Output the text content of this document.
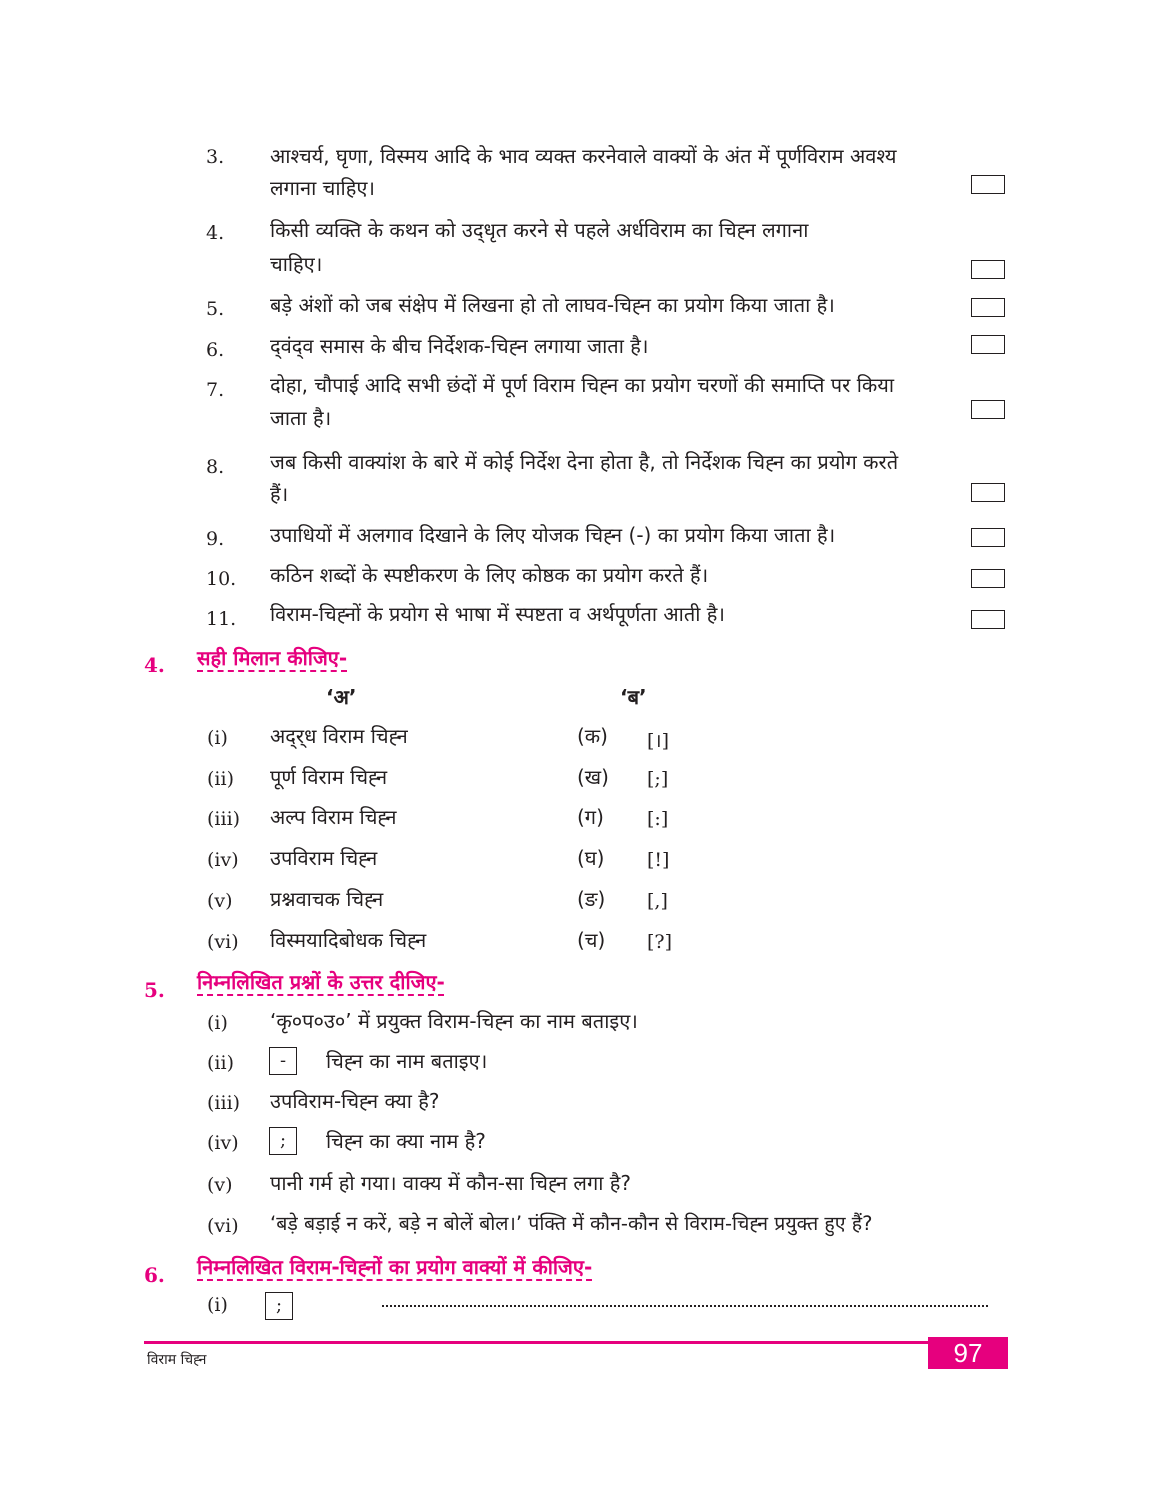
3. आश्चर्य, घृणा, विस्मय आदि के भाव व्यक्त करनेवाले वाक्यों के अंत में पूर्णविराम अवश्य
लगाना चाहिए।
4. किसी व्यक्ति के कथन को उद्‍धृत करने से पहले अर्धविराम का चिह्‍न लगाना
चाहिए।
5. बड़े अंशों को जब संक्षेप में लिखना हो तो लाघव-चिह्‍न का प्रयोग किया जाता है।
6. द्‍वंद्‍व समास के बीच निर्देशक-चिह्‍न लगाया जाता है।
7. दोहा, चौपाई आदि सभी छंदों में पूर्ण विराम चिह्‍न का प्रयोग चरणों की समाप्ति पर किया
जाता है।
8. जब किसी वाक्यांश के बारे में कोई निर्देश देना होता है, तो निर्देशक चिह्‍न का प्रयोग करते
हैं।
9. उपाधियों में अलगाव दिखाने के लिए योजक चिह्‍न (-) का प्रयोग किया जाता है।
10. कठिन शब्दों के स्पष्टीकरण के लिए कोष्ठक का प्रयोग करते हैं।
11. विराम-चिह्‍नों के प्रयोग से भाषा में स्पष्टता व अर्थपूर्णता आती है।
4. सही मिलान कीजिए-
‘अ’	‘ब’
(i) अद्‍र्ध विराम चिह्‍न	(क) [।]
(ii) पूर्ण विराम चिह्‍न	(ख) [;]
(iii) अल्प विराम चिह्‍न	(ग) [:]
(iv) उपविराम चिह्‍न	(घ) [!]
(v) प्रश्नवाचक चिह्‍न	(ङ) [,]
(vi) विस्मयादिबोधक चिह्‍न	(च) [?]
5. निम्नलिखित प्रश्नों के उत्तर दीजिए-
(i) ‘कृ०प०उ०’ में प्रयुक्त विराम-चिह्‍न का नाम बताइए।
(ii)	-	चिह्‍न का नाम बताइए।
(iii) उपविराम-चिह्‍न क्या है?
(iv)	;	चिह्‍न का क्या नाम है?
(v) पानी गर्म हो गया। वाक्य में कौन-सा चिह्‍न लगा है?
(vi) ‘बड़े बड़ाई न करें, बड़े न बोलें बोल।’ पंक्ति में कौन-कौन से विराम-चिह्‍न प्रयुक्त हुए हैं?
6. निम्नलिखित विराम-चिह्‍नों का प्रयोग वाक्यों में कीजिए-
(i)	;
97
विराम चिह्‍न
